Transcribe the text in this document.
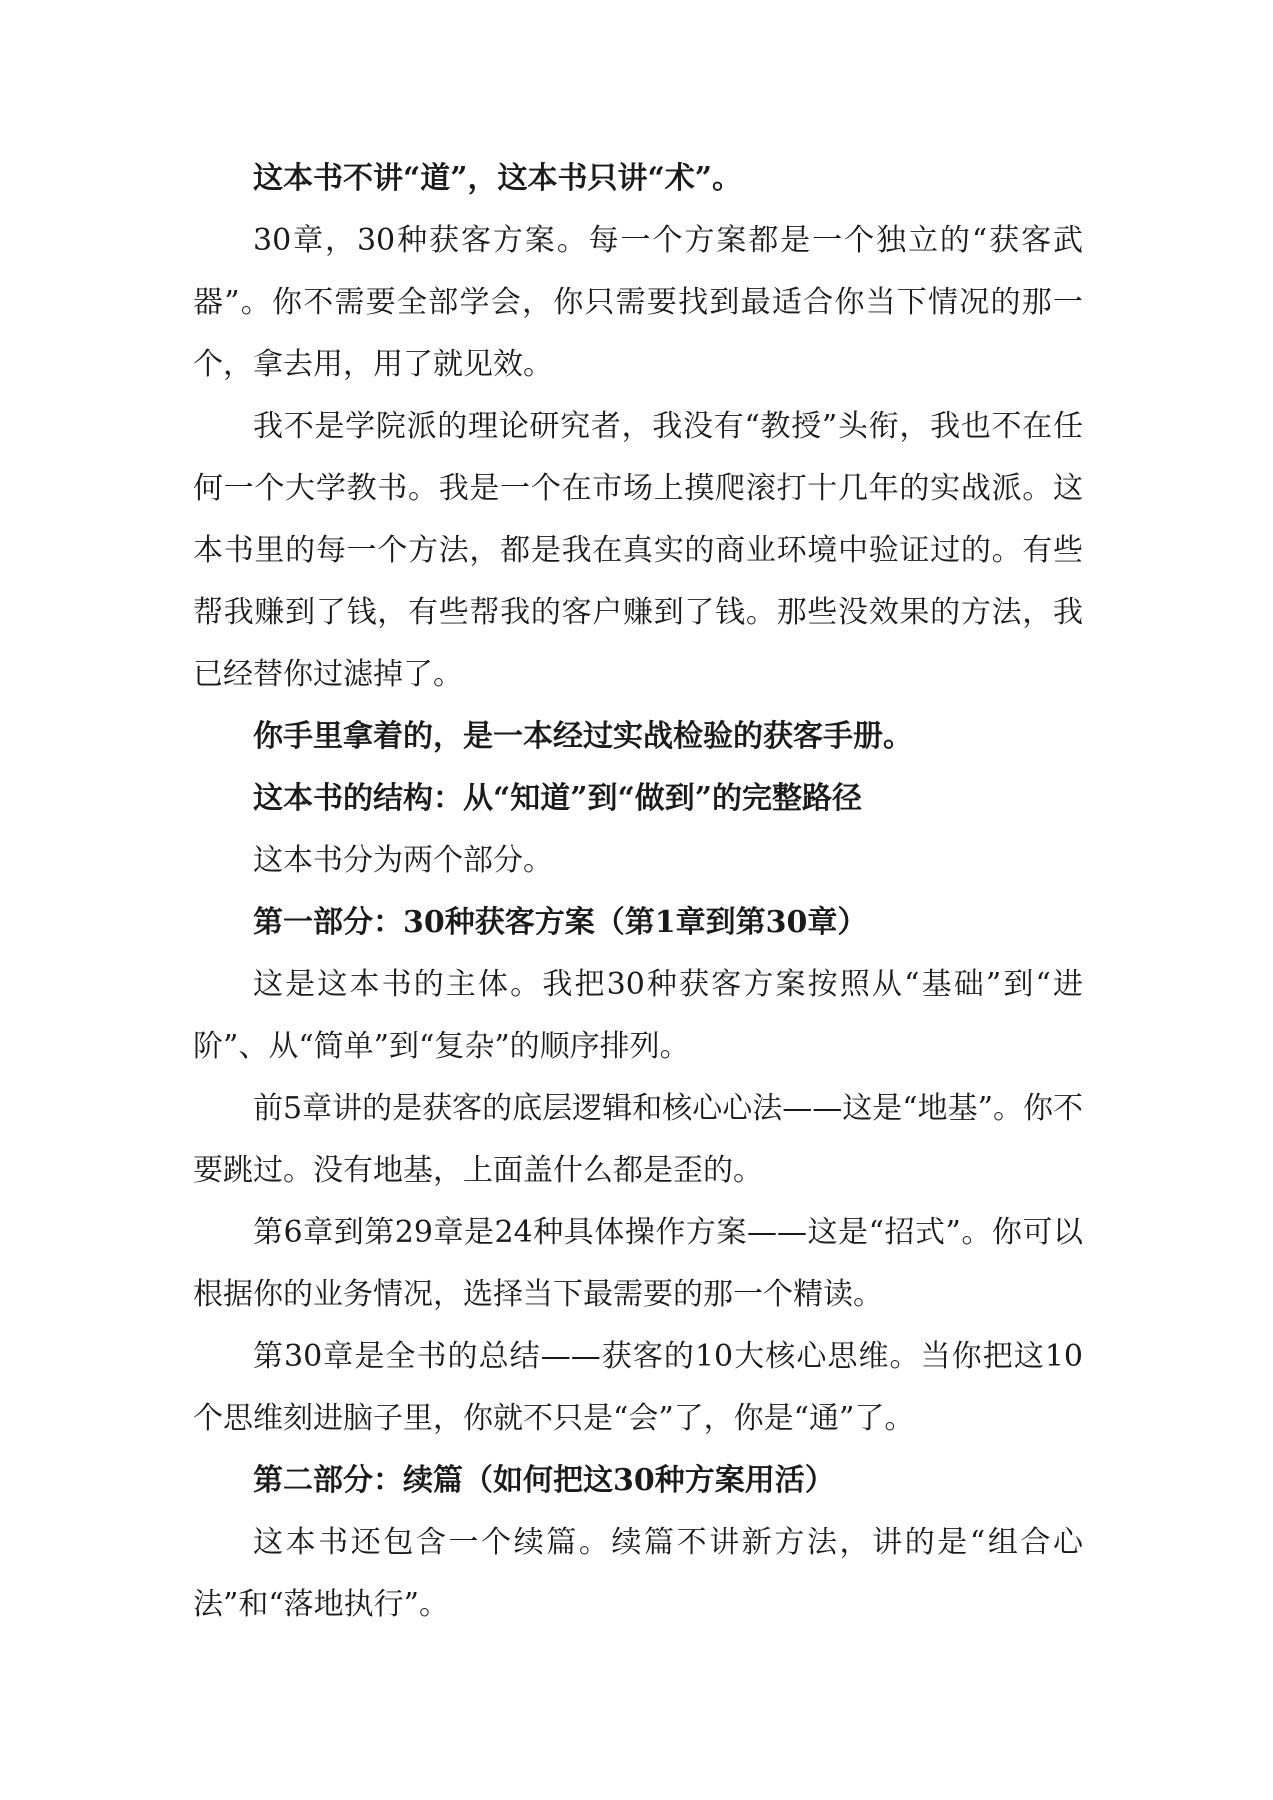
这本书不讲“道”，这本书只讲“术”。

30章，30种获客方案。每一个方案都是一个独立的“获客武器”。你不需要全部学会，你只需要找到最适合你当下情况的那一个，拿去用，用了就见效。

我不是学院派的理论研究者，我没有“教授”头衔，我也不在任何一个大学教书。我是一个在市场上摸爬滚打十几年的实战派。这本书里的每一个方法，都是我在真实的商业环境中验证过的。有些帮我赚到了钱，有些帮我的客户赚到了钱。那些没效果的方法，我已经替你过滤掉了。

你手里拿着的，是一本经过实战检验的获客手册。

这本书的结构：从“知道”到“做到”的完整路径

这本书分为两个部分。

第一部分：30种获客方案（第1章到第30章）

这是这本书的主体。我把30种获客方案按照从“基础”到“进阶”、从“简单”到“复杂”的顺序排列。

前5章讲的是获客的底层逻辑和核心心法——这是“地基”。你不要跳过。没有地基，上面盖什么都是歪的。

第6章到第29章是24种具体操作方案——这是“招式”。你可以根据你的业务情况，选择当下最需要的那一个精读。

第30章是全书的总结——获客的10大核心思维。当你把这10个思维刻进脑子里，你就不只是“会”了，你是“通”了。

第二部分：续篇（如何把这30种方案用活）

这本书还包含一个续篇。续篇不讲新方法，讲的是“组合心法”和“落地执行”。
